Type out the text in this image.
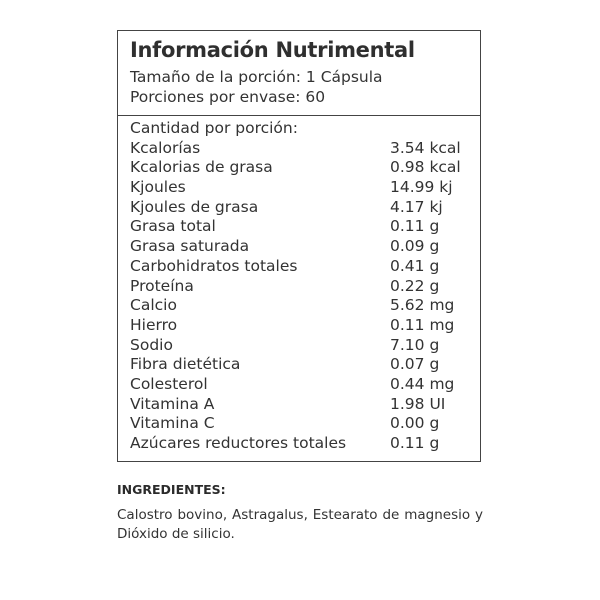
Información Nutrimental
Tamaño de la porción: 1 Cápsula
Porciones por envase: 60
Cantidad por porción:
Kcalorías	3.54 kcal
Kcalorias de grasa	0.98 kcal
Kjoules	14.99 kj
Kjoules de grasa	4.17 kj
Grasa total	0.11 g
Grasa saturada	0.09 g
Carbohidratos totales	0.41 g
Proteína	0.22 g
Calcio	5.62 mg
Hierro	0.11 mg
Sodio	7.10 g
Fibra dietética	0.07 g
Colesterol	0.44 mg
Vitamina A	1.98 UI
Vitamina C	0.00 g
Azúcares reductores totales	0.11 g
INGREDIENTES:
Calostro bovino, Astragalus, Estearato de magnesio y Dióxido de silicio.
